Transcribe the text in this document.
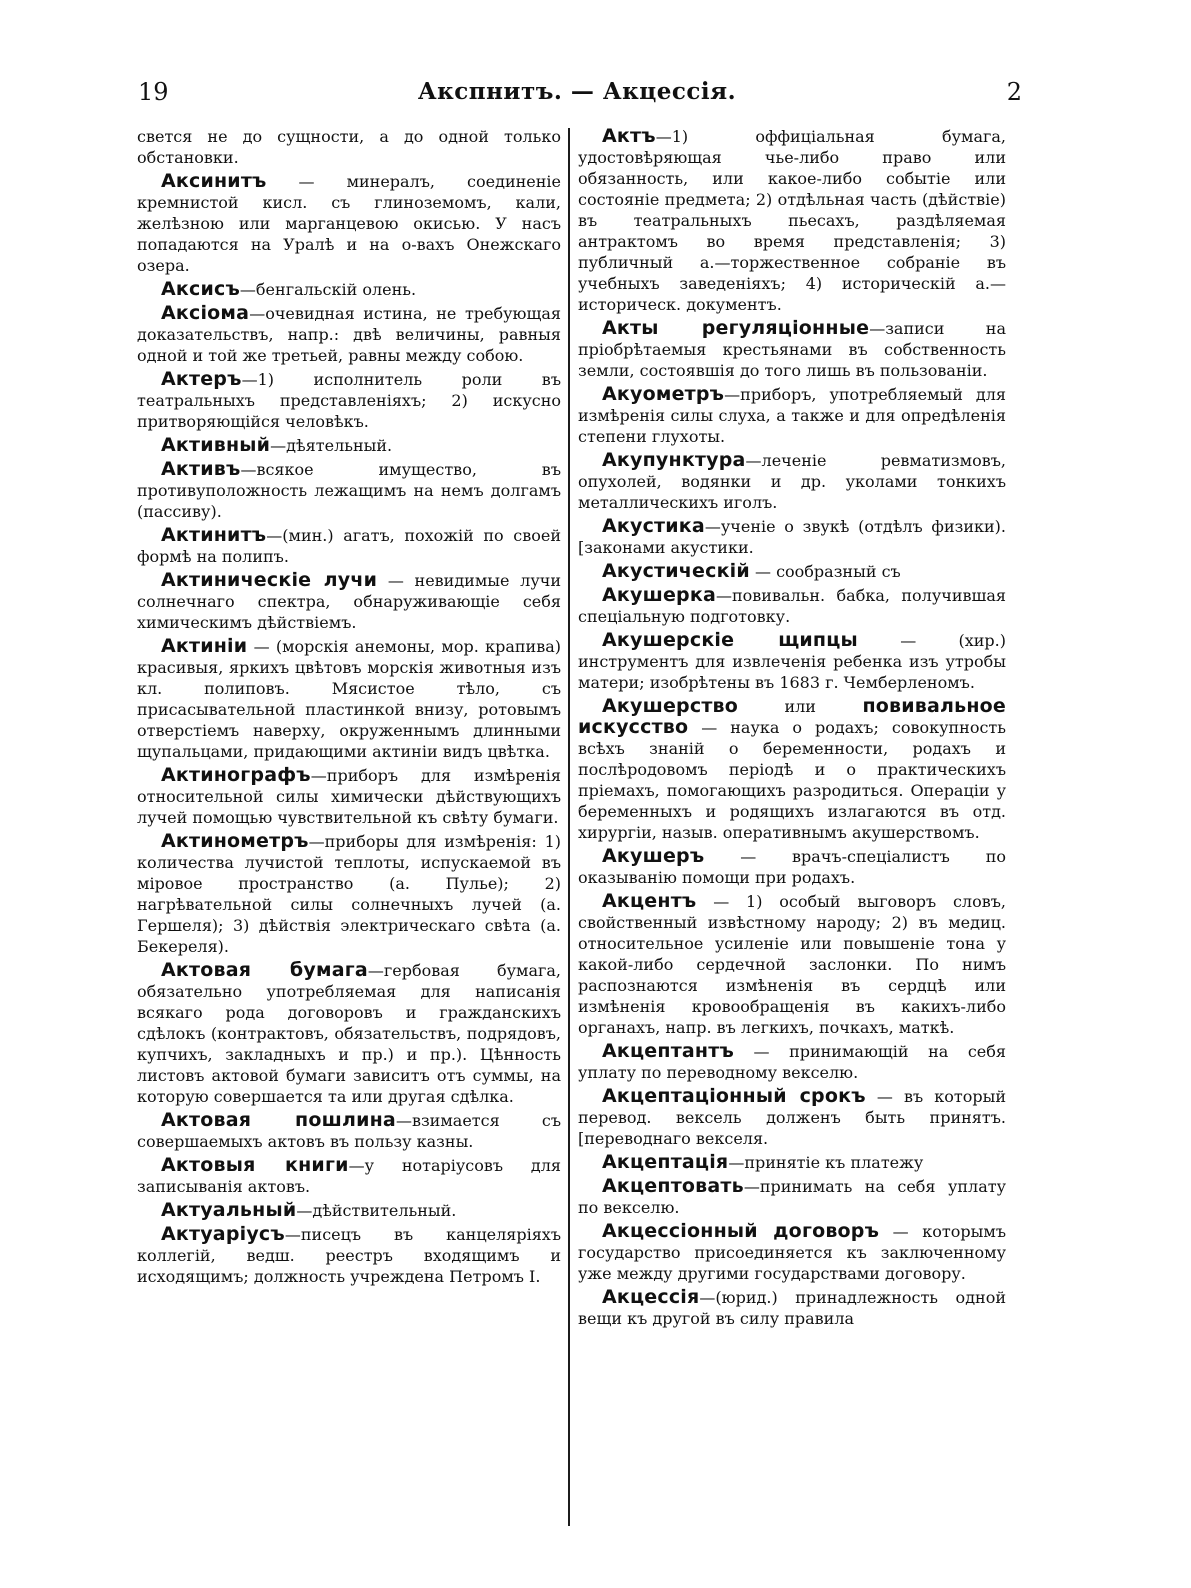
19	Акспнитъ. — Акцессія.	2

свется не до сущности, а до одной только обстановки.

Аксинитъ — минералъ, соединеніе кремнистой кисл. съ глиноземомъ, кали, желѣзною или марганцевою окисью. У насъ попадаются на Уралѣ и на о-вахъ Онежскаго озера.

Аксисъ—бенгальскій олень.

Аксіома—очевидная истина, не требующая доказательствъ, напр.: двѣ величины, равныя одной и той же третьей, равны между собою.

Актеръ—1) исполнитель роли въ театральныхъ представленіяхъ; 2) искусно притворяющійся человѣкъ.

Активный—дѣятельный.

Активъ—всякое имущество, въ противуположность лежащимъ на немъ долгамъ (пассиву).

Актинитъ—(мин.) агатъ, похожій по своей формѣ на полипъ.

Актиническіе лучи — невидимые лучи солнечнаго спектра, обнаруживающіе себя химическимъ дѣйствіемъ.

Актиніи — (морскія анемоны, мор. крапива) красивыя, яркихъ цвѣтовъ морскія животныя изъ кл. полиповъ. Мясистое тѣло, съ присасывательной пластинкой внизу, ротовымъ отверстіемъ наверху, окруженнымъ длинными щупальцами, придающими актиніи видъ цвѣтка.

Актинографъ—приборъ для измѣренія относительной силы химически дѣйствующихъ лучей помощью чувствительной къ свѣту бумаги.

Актинометръ—приборы для измѣренія: 1) количества лучистой теплоты, испускаемой въ міровое пространство (а. Пулье); 2) нагрѣвательной силы солнечныхъ лучей (а. Гершеля); 3) дѣйствія электрическаго свѣта (а. Бекереля).

Актовая бумага—гербовая бумага, обязательно употребляемая для написанія всякаго рода договоровъ и гражданскихъ сдѣлокъ (контрактовъ, обязательствъ, подрядовъ, купчихъ, закладныхъ и пр.) и пр.). Цѣнность листовъ актовой бумаги зависитъ отъ суммы, на которую совершается та или другая сдѣлка.

Актовая пошлина—взимается съ совершаемыхъ актовъ въ пользу казны.

Актовыя книги—у нотаріусовъ для записыванія актовъ.

Актуальный—дѣйствительный.

Актуаріусъ—писецъ въ канцеляріяхъ коллегій, ведш. реестръ входящимъ и исходящимъ; должность учреждена Петромъ I.

Актъ—1) оффиціальная бумага, удостовѣряющая чье-либо право или обязанность, или какое-либо событіе или состояніе предмета; 2) отдѣльная часть (дѣйствіе) въ театральныхъ пьесахъ, раздѣляемая антрактомъ во время представленія; 3) публичный а.—торжественное собраніе въ учебныхъ заведеніяхъ; 4) историческій а.—историческ. документъ.

Акты регуляціонные—записи на пріобрѣтаемыя крестьянами въ собственность земли, состоявшія до того лишь въ пользованіи.

Акуометръ—приборъ, употребляемый для измѣренія силы слуха, а также и для опредѣленія степени глухоты.

Акупунктура—леченіе ревматизмовъ, опухолей, водянки и др. уколами тонкихъ металлическихъ иголъ.

Акустика—ученіе о звукѣ (отдѣлъ физики). [законами акустики.

Акустическій — сообразный съ

Акушерка—повивальн. бабка, получившая спеціальную подготовку.

Акушерскіе щипцы — (хир.) инструментъ для извлеченія ребенка изъ утробы матери; изобрѣтены въ 1683 г. Чемберленомъ.

Акушерство или повивальное искусство — наука о родахъ; совокупность всѣхъ знаній о беременности, родахъ и послѣродовомъ періодѣ и о практическихъ пріемахъ, помогающихъ разродиться. Операціи у беременныхъ и родящихъ излагаются въ отд. хирургіи, назыв. оперативнымъ акушерствомъ.

Акушеръ — врачъ-спеціалистъ по оказыванію помощи при родахъ.

Акцентъ — 1) особый выговоръ словъ, свойственный извѣстному народу; 2) въ медиц. относительное усиленіе или повышеніе тона у какой-либо сердечной заслонки. По нимъ распознаются измѣненія въ сердцѣ или измѣненія кровообращенія въ какихъ-либо органахъ, напр. въ легкихъ, почкахъ, маткѣ.

Акцептантъ — принимающій на себя уплату по переводному векселю.

Акцептаціонный срокъ — въ который перевод. вексель долженъ быть принятъ. [переводнаго векселя.

Акцептація—принятіе къ платежу

Акцептовать—принимать на себя уплату по векселю.

Акцессіонный договоръ — которымъ государство присоединяется къ заключенному уже между другими государствами договору.

Акцессія—(юрид.) принадлежность одной вещи къ другой въ силу правила
